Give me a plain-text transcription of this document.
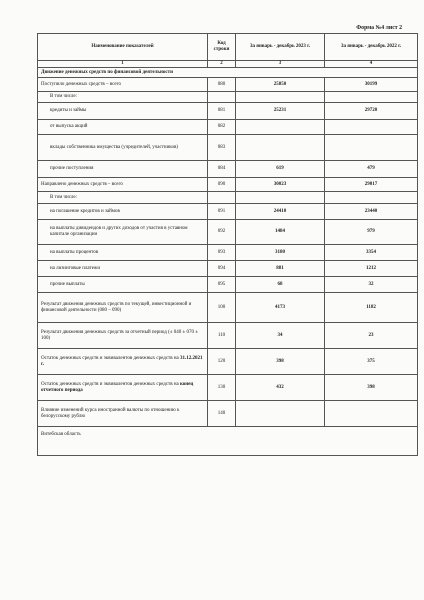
Форма №4 лист 2
Наименование показателей	Код строки	За январь - декабрь 2023 г.	За январь - декабрь 2022 г.
1	2	3	4
Движение денежных средств по финансовой деятельности			
Поступило денежных средств – всего	080	25850	30199
В том числе:			
кредиты и займы	081	25231	29720
от выпуска акций	082		
вклады собственника имущества (учредителей, участников)	083		
прочие поступления	084	619	479
Направлено денежных средств – всего	090	30023	29017
В том числе:			
на погашение кредитов и займов	091	24410	23440
на выплаты дивидендов и других доходов от участия в уставном капитале организации	092	1484	979
на выплаты процентов	093	3180	3354
на лизинговые платежи	094	881	1212
прочие выплаты	095	68	32
Результат движения денежных средств по текущей, инвестиционной и финансовой деятельности (080 – 090)	100	4173	1182
Результат движения денежных средств за отчетный период (± 040 ± 070 ± 100)	110	34	23
Остаток денежных средств и эквивалентов денежных средств на 31.12.2021 г.	120	398	375
Остаток денежных средств и эквивалентов денежных средств на конец отчетного периода	130	432	398
Влияние изменений курса иностранной валюты по отношению к белорусскому рублю	140		
Витебская область			
